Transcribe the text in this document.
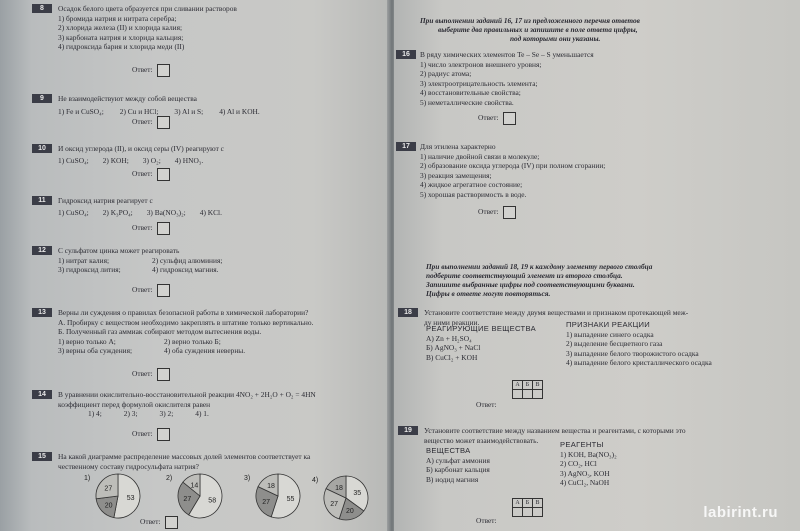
8	Осадок белого цвета образуется при сливании растворов
1) бромида натрия и нитрата серебра;
2) хлорида железа (II) и хлорида калия;
3) карбоната натрия и хлорида кальция;
4) гидроксида бария и хлорида меди (II)
Ответ:
9	Не взаимодействуют между собой вещества
1) Fe и CuSO₄; 2) Cu и HCl; 3) Al и S; 4) Al и KOH.
Ответ:
10	И оксид углерода (II), и оксид серы (IV) реагируют с
1) CuSO₄; 2) KOH; 3) O₂; 4) HNO₃.
Ответ:
11	Гидроксид натрия реагирует с
1) CuSO₄; 2) K₃PO₄; 3) Ba(NO₃)₂; 4) KCl.
Ответ:
12	С сульфатом цинка может реагировать
1) нитрат калия;	2) сульфид алюминия;
3) гидроксид лития;	4) гидроксид магния.
Ответ:
13	Верны ли суждения о правилах безопасной работы в химической лаборатории?
А. Пробирку с веществом необходимо закреплять в штативе только вертикально.
Б. Полученный газ аммиак собирают методом вытеснения воды.
1) верно только А;	2) верно только Б;
3) верны оба суждения;	4) оба суждения неверны.
Ответ:
14	В уравнении окислительно-восстановительной реакции 4NO₂ + 2H₂O + O₂ = 4HN
коэффициент перед формулой окислителя равен
1) 4;	2) 3;	3) 2;	4) 1.
Ответ:
15	На какой диаграмме распределение массовых долей элементов соответствует ка
чественному составу гидросульфата натрия?
1)
53
20
27
2)
58
27
14
3)
55
27
18
4)
35
20
27
18
Ответ:
При выполнении заданий 16, 17 из предложенного перечня ответов
выберите два правильных и запишите в поле ответа цифры,
под которыми они указаны.
16	В ряду химических элементов Te – Se – S уменьшается
1) число электронов внешнего уровня;
2) радиус атома;
3) электроотрицательность элемента;
4) восстановительные свойства;
5) неметаллические свойства.
Ответ:
17	Для этилена характерно
1) наличие двойной связи в молекуле;
2) образование оксида углерода (IV) при полном сгорании;
3) реакция замещения;
4) жидкое агрегатное состояние;
5) хорошая растворимость в воде.
Ответ:
При выполнении заданий 18, 19 к каждому элементу первого столбца
подберите соответствующий элемент из второго столбца.
Запишите выбранные цифры под соответствующими буквами.
Цифры в ответе могут повторяться.
18	Установите соответствие между двумя веществами и признаком протекающей меж-
ду ними реакции.
РЕАГИРУЮЩИЕ ВЕЩЕСТВА
А) Zn + H₂SO₄
Б) AgNO₃ + NaCl
В) CuCl₂ + KOH
ПРИЗНАКИ РЕАКЦИИ
1) выпадение синего осадка
2) выделение бесцветного газа
3) выпадение белого творожистого осадка
4) выпадение белого кристаллического осадка
Ответ:
А	Б	В

19	Установите соответствие между названием вещества и реагентами, с которыми это
вещество может взаимодействовать.
ВЕЩЕСТВА
А) сульфат аммония
Б) карбонат кальция
В) иодид магния
РЕАГЕНТЫ
1) KOH, Ba(NO₃)₂
2) CO₂, HCl
3) AgNO₃, KOH
4) CuCl₂, NaOH
Ответ:
А	Б	В

labirint.ru
